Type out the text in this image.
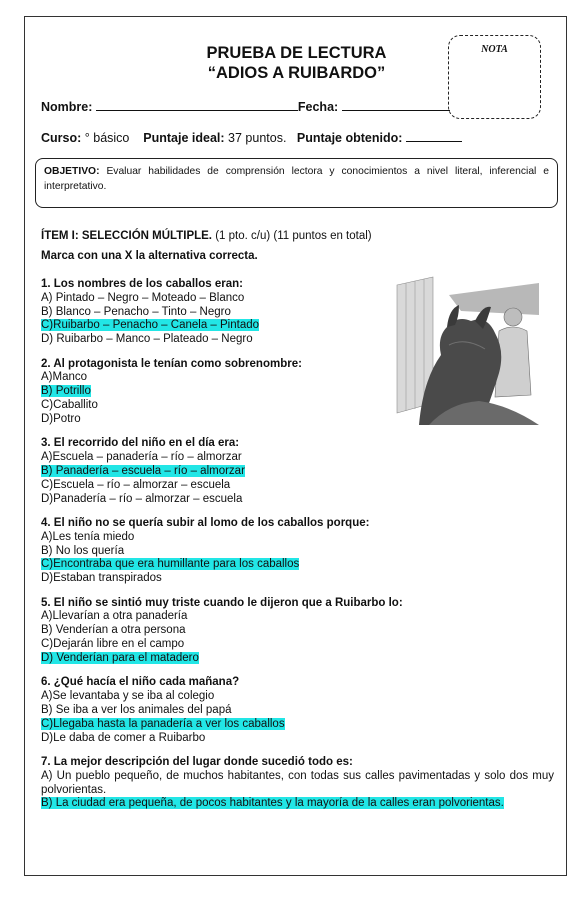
PRUEBA DE LECTURA
“ADIOS A RUIBARDO”
NOTA
Nombre:	Fecha:
Curso: ° básico Puntaje ideal: 37 puntos. Puntaje obtenido:
OBJETIVO: Evaluar habilidades de comprensión lectora y conocimientos a nivel literal, inferencial e interpretativo.
ÍTEM I: SELECCIÓN MÚLTIPLE. (1 pto. c/u) (11 puntos en total)
Marca con una X la alternativa correcta.
1. Los nombres de los caballos eran:
A) Pintado – Negro – Moteado – Blanco
B) Blanco – Penacho – Tinto – Negro
C)Ruibarbo – Penacho – Canela – Pintado
D) Ruibarbo – Manco – Plateado – Negro
2. Al protagonista le tenían como sobrenombre:
A)Manco
B) Potrillo
C)Caballito
D)Potro
3. El recorrido del niño en el día era:
A)Escuela – panadería – río – almorzar
B) Panadería – escuela – río – almorzar
C)Escuela – río – almorzar – escuela
D)Panadería – río – almorzar – escuela
4. El niño no se quería subir al lomo de los caballos porque:
A)Les tenía miedo
B) No los quería
C)Encontraba que era humillante para los caballos
D)Estaban transpirados
5. El niño se sintió muy triste cuando le dijeron que a Ruibarbo lo:
A)Llevarían a otra panadería
B) Venderían a otra persona
C)Dejarán libre en el campo
D) Venderían para el matadero
6. ¿Qué hacía el niño cada mañana?
A)Se levantaba y se iba al colegio
B) Se iba a ver los animales del papá
C)Llegaba hasta la panadería a ver los caballos
D)Le daba de comer a Ruibarbo
7. La mejor descripción del lugar donde sucedió todo es:
A) Un pueblo pequeño, de muchos habitantes, con todas sus calles pavimentadas y solo dos muy polvorientas.
B) La ciudad era pequeña, de pocos habitantes y la mayoría de la calles eran polvorientas.
